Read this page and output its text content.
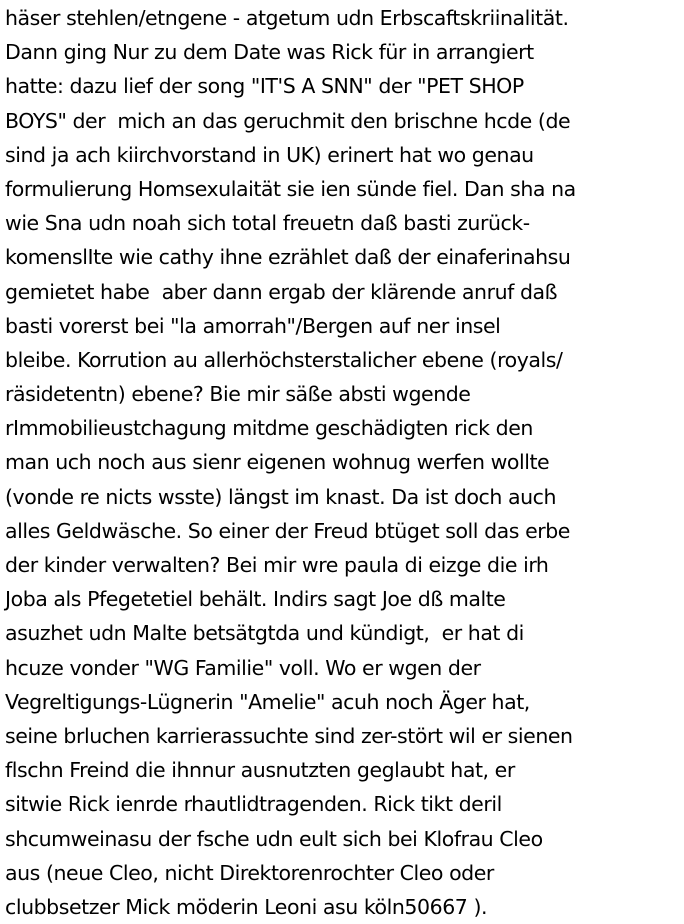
häser stehlen/etngene - atgetum udn Erbscaftskriinalität.
Dann ging Nur zu dem Date was Rick für in arrangiert
hatte: dazu lief der song "IT'S A SNN" der "PET SHOP
BOYS" der  mich an das geruchmit den brischne hcde (de
sind ja ach kiirchvorstand in UK) erinert hat wo genau
formulierung Homsexulaität sie ien sünde fiel. Dan sha na
wie Sna udn noah sich total freuetn daß basti zurück-
komenslIte wie cathy ihne ezrählet daß der einaferinahsu
gemietet habe  aber dann ergab der klärende anruf daß
basti vorerst bei "la amorrah"/Bergen auf ner insel
bleibe. Korrution au allerhöchsterstalicher ebene (royals/
räsidetentn) ebene? Bie mir säße absti wgende
rImmobilieustchagung mitdme geschädigten rick den
man uch noch aus sienr eigenen wohnug werfen wollte
(vonde re nicts wsste) längst im knast. Da ist doch auch
alles Geldwäsche. So einer der Freud btüget soll das erbe
der kinder verwalten? Bei mir wre paula di eizge die irh
Joba als Pfegetetiel behält. Indirs sagt Joe dß malte
asuzhet udn Malte betsätgtda und kündigt,  er hat di
hcuze vonder "WG Familie" voll. Wo er wgen der
Vegreltigungs-Lügnerin "Amelie" acuh noch Äger hat,
seine brluchen karrierassuchte sind zer-stört wil er sienen
flschn Freind die ihnnur ausnutzten geglaubt hat, er
sitwie Rick ienrde rhautlidtragenden. Rick tikt deril
shcumweinasu der fsche udn eult sich bei Klofrau Cleo
aus (neue Cleo, nicht Direktorenrochter Cleo oder
clubbsetzer Mick möderin Leoni asu köln50667 ).
